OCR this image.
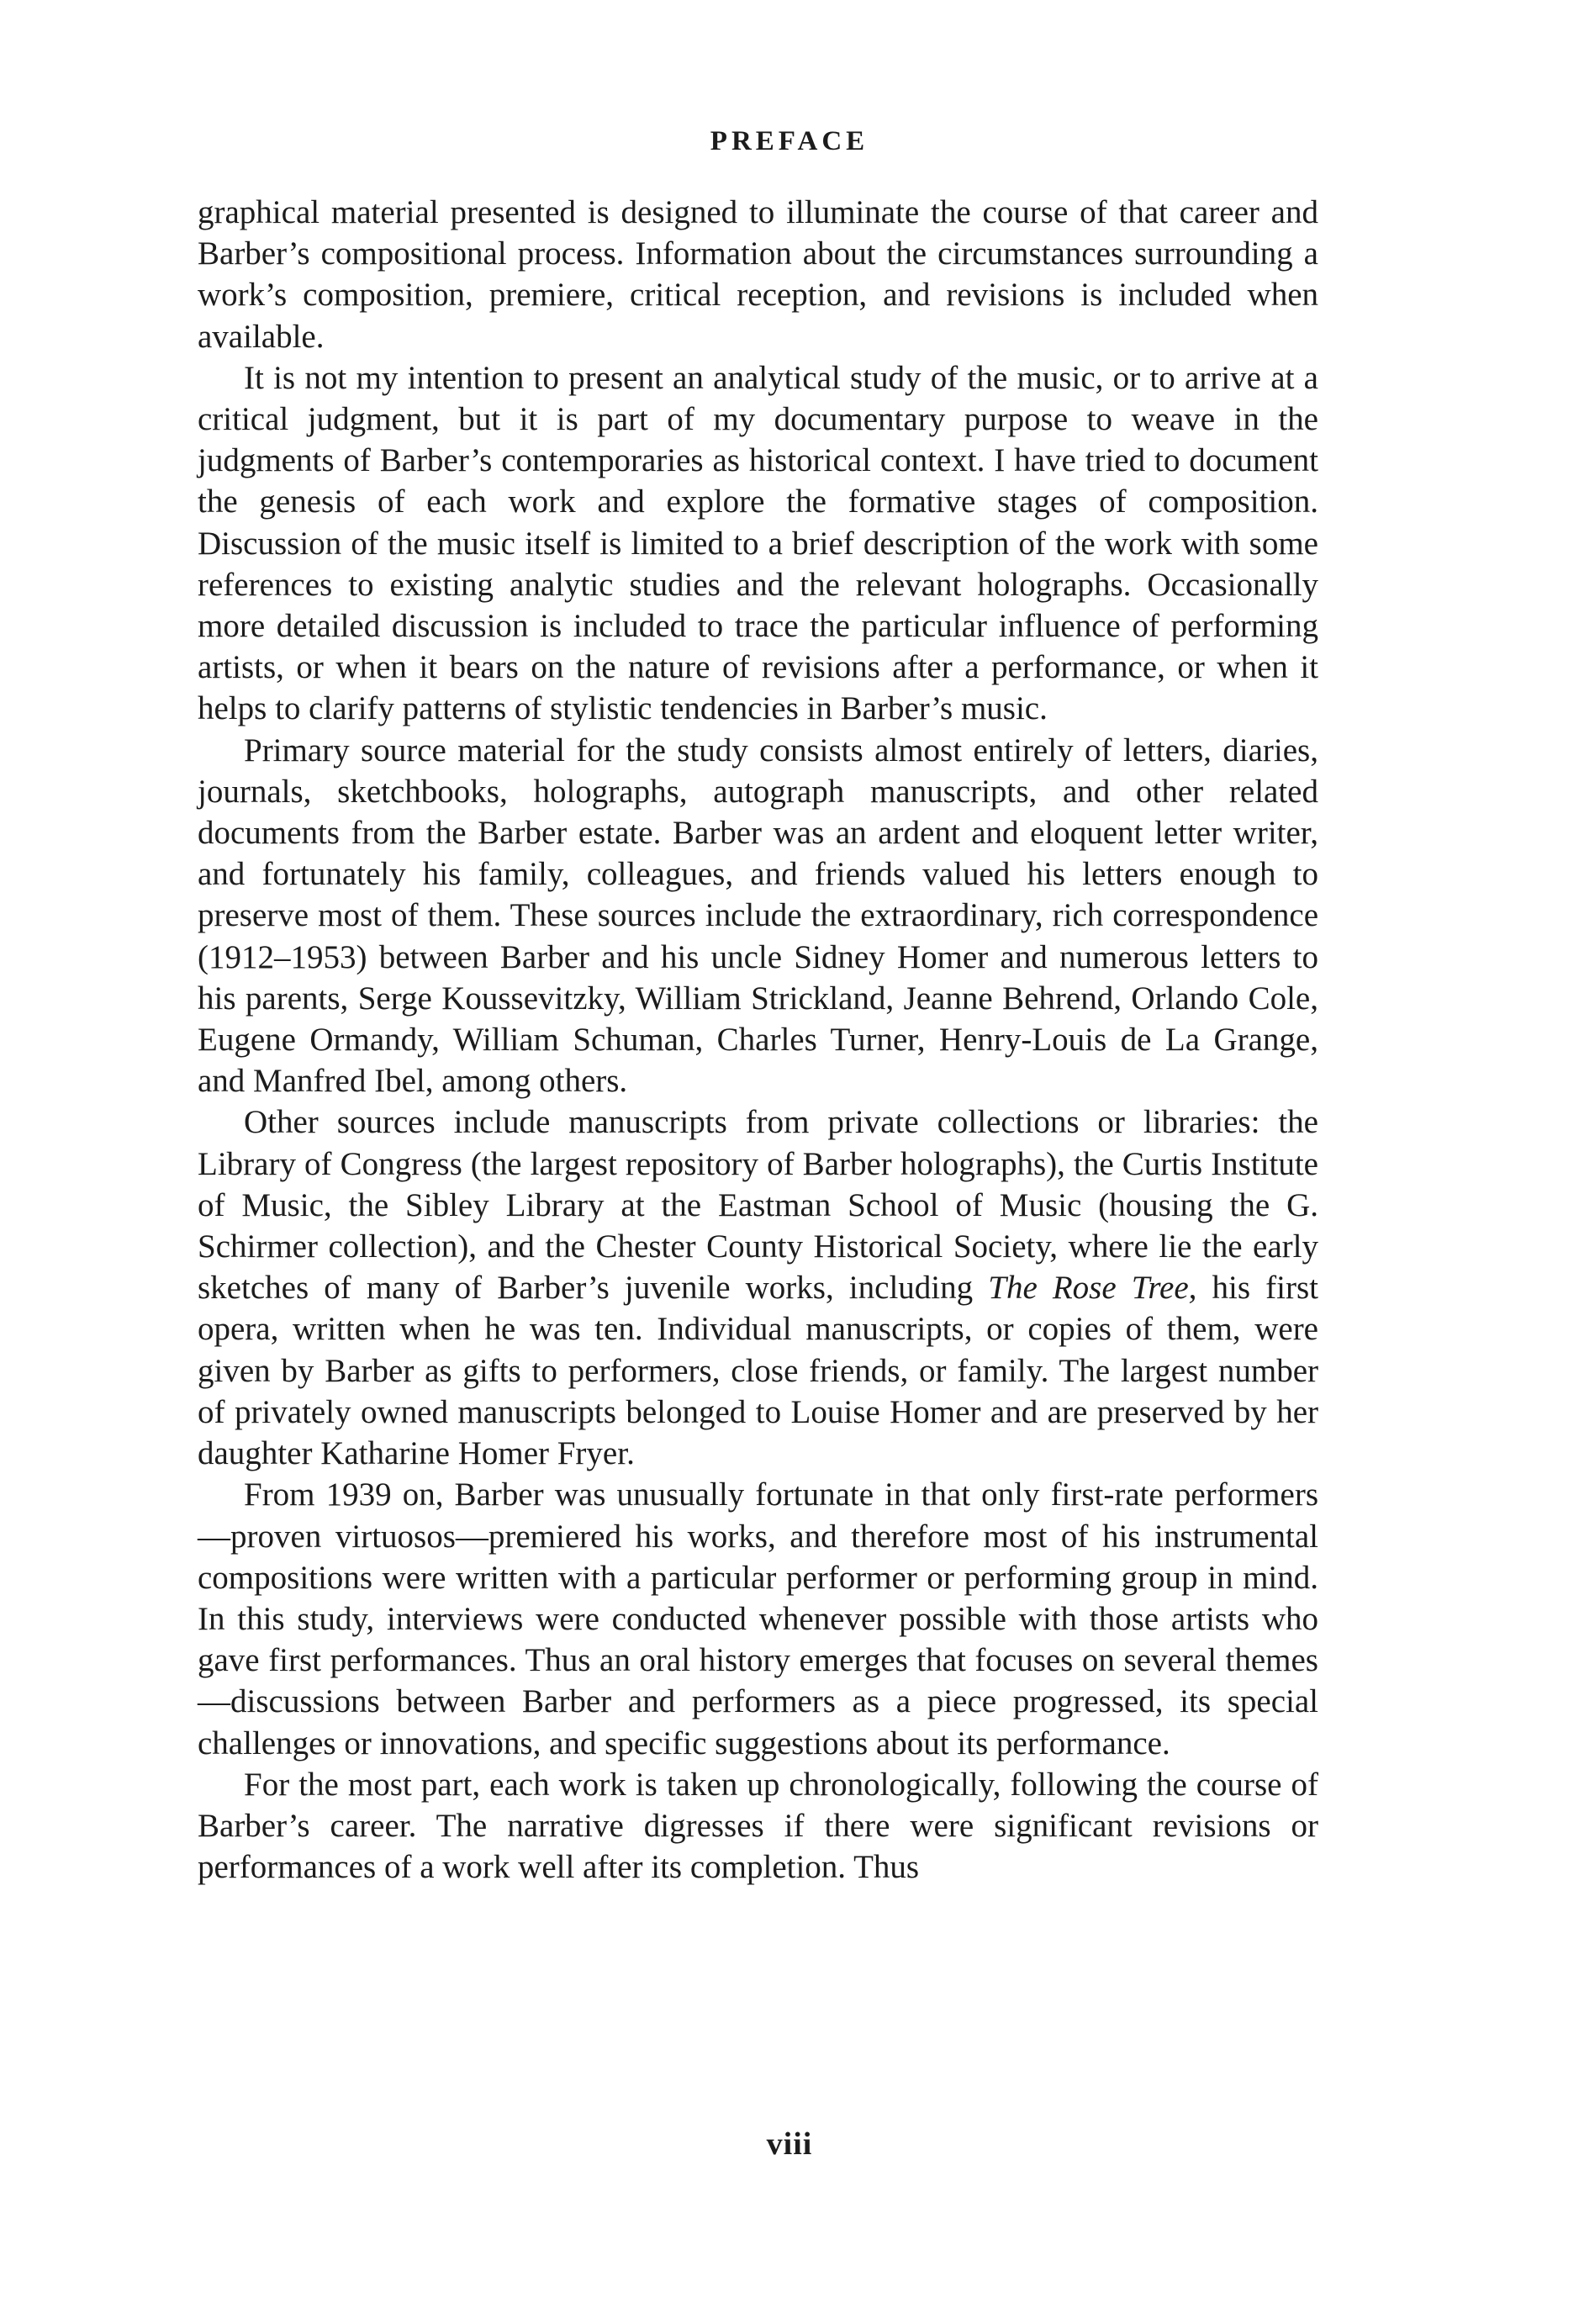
PREFACE

graphical material presented is designed to illuminate the course of that career and Barber’s compositional process. Information about the circumstances surrounding a work’s composition, premiere, critical reception, and revisions is included when available.

It is not my intention to present an analytical study of the music, or to arrive at a critical judgment, but it is part of my documentary purpose to weave in the judgments of Barber’s contemporaries as historical context. I have tried to document the genesis of each work and explore the formative stages of composition. Discussion of the music itself is limited to a brief description of the work with some references to existing analytic studies and the relevant holographs. Occasionally more detailed discussion is included to trace the particular influence of performing artists, or when it bears on the nature of revisions after a performance, or when it helps to clarify patterns of stylistic tendencies in Barber’s music.

Primary source material for the study consists almost entirely of letters, diaries, journals, sketchbooks, holographs, autograph manuscripts, and other related documents from the Barber estate. Barber was an ardent and eloquent letter writer, and fortunately his family, colleagues, and friends valued his letters enough to preserve most of them. These sources include the extraordinary, rich correspondence (1912–1953) between Barber and his uncle Sidney Homer and numerous letters to his parents, Serge Koussevitzky, William Strickland, Jeanne Behrend, Orlando Cole, Eugene Ormandy, William Schuman, Charles Turner, Henry-Louis de La Grange, and Manfred Ibel, among others.

Other sources include manuscripts from private collections or libraries: the Library of Congress (the largest repository of Barber holographs), the Curtis Institute of Music, the Sibley Library at the Eastman School of Music (housing the G. Schirmer collection), and the Chester County Historical Society, where lie the early sketches of many of Barber’s juvenile works, including The Rose Tree, his first opera, written when he was ten. Individual manuscripts, or copies of them, were given by Barber as gifts to performers, close friends, or family. The largest number of privately owned manuscripts belonged to Louise Homer and are preserved by her daughter Katharine Homer Fryer.

From 1939 on, Barber was unusually fortunate in that only first-rate performers—proven virtuosos—premiered his works, and therefore most of his instrumental compositions were written with a particular performer or performing group in mind. In this study, interviews were conducted whenever possible with those artists who gave first performances. Thus an oral history emerges that focuses on several themes—discussions between Barber and performers as a piece progressed, its special challenges or innovations, and specific suggestions about its performance.

For the most part, each work is taken up chronologically, following the course of Barber’s career. The narrative digresses if there were significant revisions or performances of a work well after its completion. Thus

viii
